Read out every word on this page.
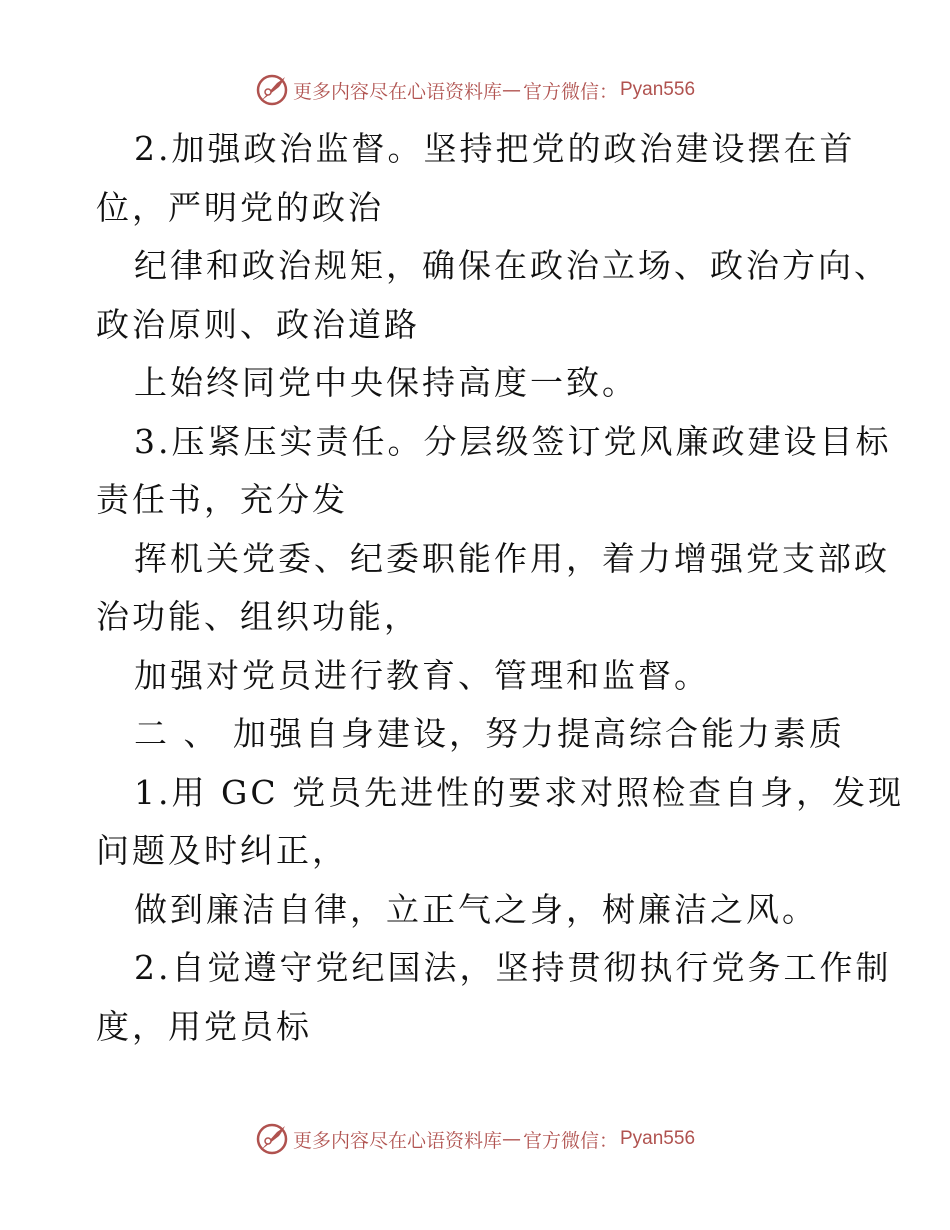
更多内容尽在心语资料库 — 官方微信： Pyan556
2.加强政治监督。坚持把党的政治建设摆在首
位，严明党的政治
纪律和政治规矩，确保在政治立场、政治方向、
政治原则、政治道路
上始终同党中央保持高度一致。
3.压紧压实责任。分层级签订党风廉政建设目标
责任书，充分发
挥机关党委、纪委职能作用，着力增强党支部政
治功能、组织功能，
加强对党员进行教育、管理和监督。
二 、 加强自身建设，努力提高综合能力素质
1.用 GC 党员先进性的要求对照检查自身，发现
问题及时纠正，
做到廉洁自律，立正气之身，树廉洁之风。
2.自觉遵守党纪国法，坚持贯彻执行党务工作制
度，用党员标
更多内容尽在心语资料库 — 官方微信： Pyan556
